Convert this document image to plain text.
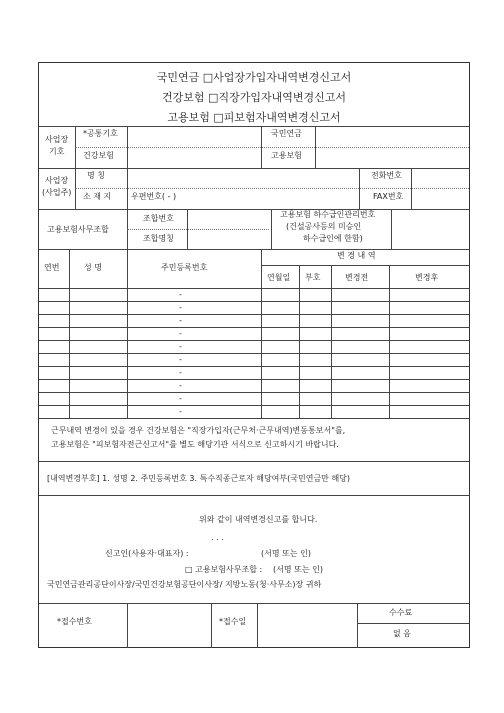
국민연금 □사업장가입자내역변경신고서
건강보험 □직장가입자내역변경신고서
고용보험 □피보험자내역변경신고서
사업장
기호
*공통기호	국민연금
건강보험	고용보험
사업장
(사업주)
명 칭	전화번호
소 재 지 우편번호( - )	FAX번호
고용보험사무조합
조합번호
조합명칭
고용보험 하수급인관리번호
(건설공사등의 미승인
하수급인에 한함)
연번	성 명	주민등록번호
변 경 내 역
연월일 부호	변경전	변경후
-
-
-
-
-
-
-
-
-
-
근무내역 변경이 있을 경우 건강보험은 "직장가입자(근무처·근무내역)변동통보서"를,
고용보험은 "피보험자전근신고서"를 별도 해당기관 서식으로 신고하시기 바랍니다.
[내역변경부호] 1. 성명 2. 주민등록번호 3. 특수직종근로자 해당여부(국민연금만 해당)
위와 같이 내역변경신고를 합니다.
. . .
신고인(사용자·대표자) :	(서명 또는 인)
□ 고용보험사무조합 : (서명 또는 인)
국민연금관리공단이사장/국민건강보험공단이사장/ 지방노동(청·사무소)장 귀하
*접수번호	*접수일
수수료
없 음
